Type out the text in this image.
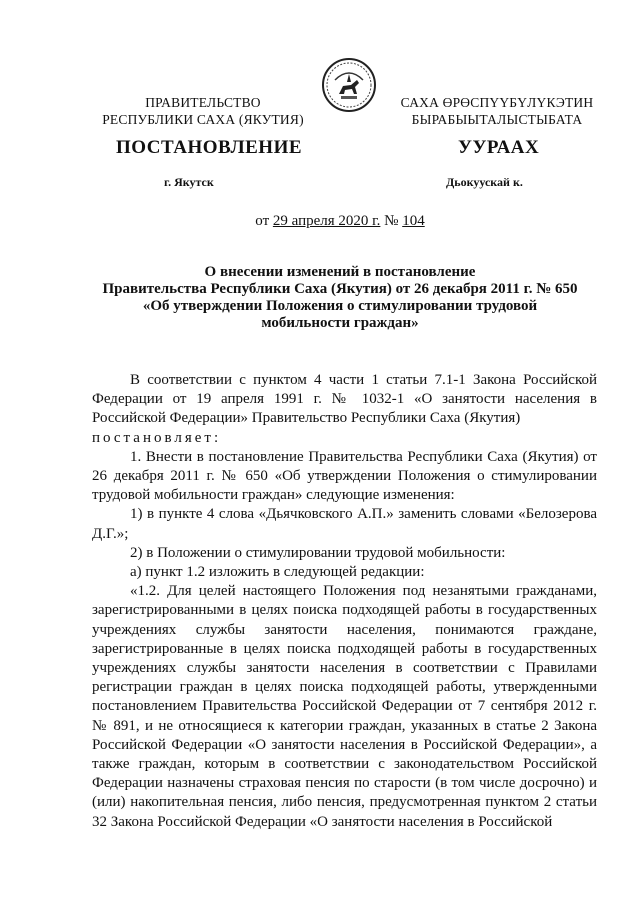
ПРАВИТЕЛЬСТВО
РЕСПУБЛИКИ САХА (ЯКУТИЯ)
САХА ӨРӨСПҮҮБҮЛҮКЭТИН
БЫРАБЫЫТАЛЫСТЫБАТА
ПОСТАНОВЛЕНИЕ	УУРААХ
г. Якутск	Дьокуускай к.
от 29 апреля 2020 г. № 104
О внесении изменений в постановление
Правительства Республики Саха (Якутия) от 26 декабря 2011 г. № 650
«Об утверждении Положения о стимулировании трудовой
мобильности граждан»

В соответствии с пунктом 4 части 1 статьи 7.1-1 Закона Российской Федерации от 19 апреля 1991 г. № 1032-1 «О занятости населения в Российской Федерации» Правительство Республики Саха (Якутия)

постановляет:

1. Внести в постановление Правительства Республики Саха (Якутия) от 26 декабря 2011 г. № 650 «Об утверждении Положения о стимулировании трудовой мобильности граждан» следующие изменения:

1) в пункте 4 слова «Дьячковского А.П.» заменить словами «Белозерова Д.Г.»;

2) в Положении о стимулировании трудовой мобильности:

а) пункт 1.2 изложить в следующей редакции:

«1.2. Для целей настоящего Положения под незанятыми гражданами, зарегистрированными в целях поиска подходящей работы в государственных учреждениях службы занятости населения, понимаются граждане, зарегистрированные в целях поиска подходящей работы в государственных учреждениях службы занятости населения в соответствии с Правилами регистрации граждан в целях поиска подходящей работы, утвержденными постановлением Правительства Российской Федерации от 7 сентября 2012 г. № 891, и не относящиеся к категории граждан, указанных в статье 2 Закона Российской Федерации «О занятости населения в Российской Федерации», а также граждан, которым в соответствии с законодательством Российской Федерации назначены страховая пенсия по старости (в том числе досрочно) и (или) накопительная пенсия, либо пенсия, предусмотренная пунктом 2 статьи 32 Закона Российской Федерации «О занятости населения в Российской
